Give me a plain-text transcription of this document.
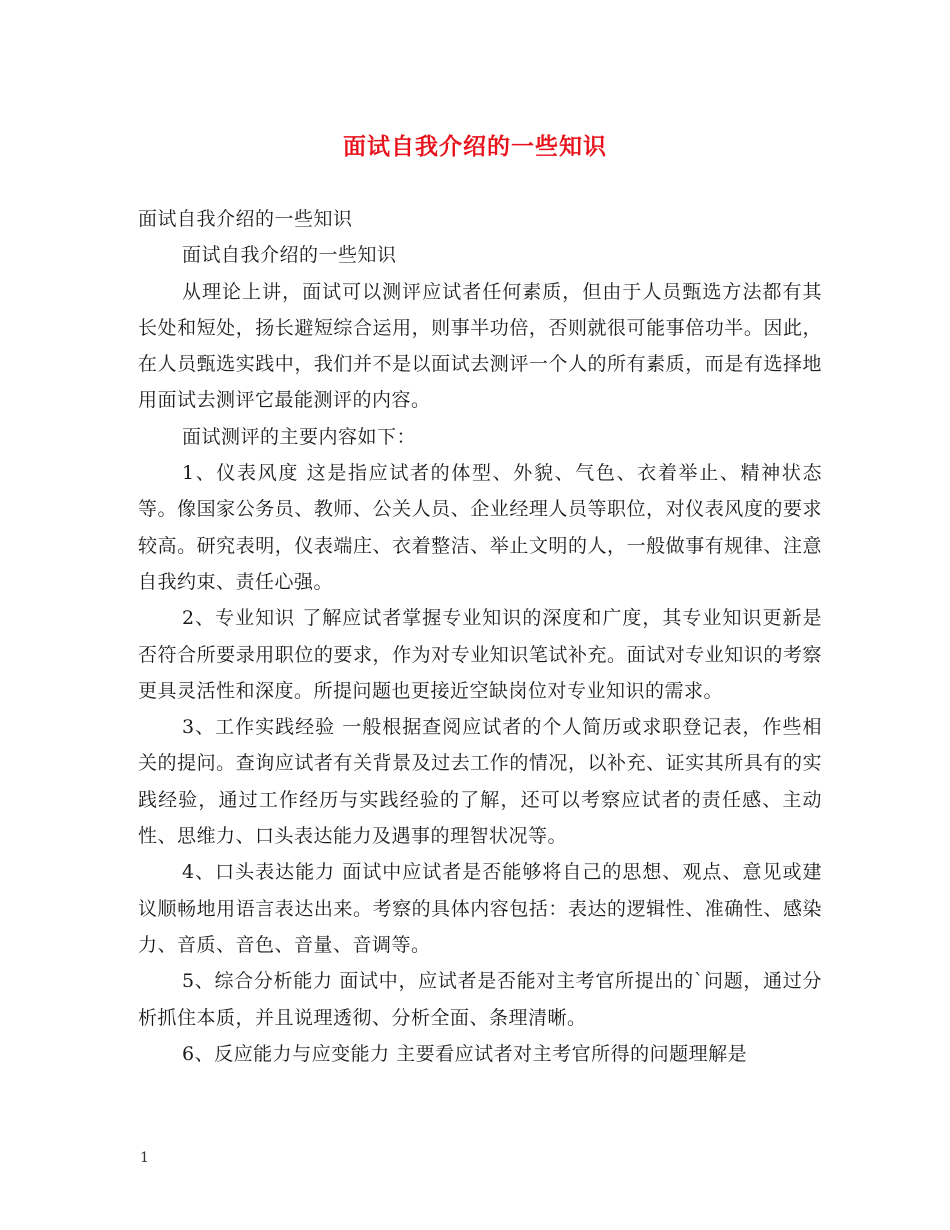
面试自我介绍的一些知识

面试自我介绍的一些知识

面试自我介绍的一些知识

从理论上讲，面试可以测评应试者任何素质，但由于人员甄选方法都有其长处和短处，扬长避短综合运用，则事半功倍，否则就很可能事倍功半。因此，在人员甄选实践中，我们并不是以面试去测评一个人的所有素质，而是有选择地用面试去测评它最能测评的内容。

面试测评的主要内容如下：

1、仪表风度 这是指应试者的体型、外貌、气色、衣着举止、精神状态等。像国家公务员、教师、公关人员、企业经理人员等职位，对仪表风度的要求较高。研究表明，仪表端庄、衣着整洁、举止文明的人，一般做事有规律、注意自我约束、责任心强。

2、专业知识 了解应试者掌握专业知识的深度和广度，其专业知识更新是否符合所要录用职位的要求，作为对专业知识笔试补充。面试对专业知识的考察更具灵活性和深度。所提问题也更接近空缺岗位对专业知识的需求。

3、工作实践经验 一般根据查阅应试者的个人简历或求职登记表，作些相关的提问。查询应试者有关背景及过去工作的情况，以补充、证实其所具有的实践经验，通过工作经历与实践经验的了解，还可以考察应试者的责任感、主动性、思维力、口头表达能力及遇事的理智状况等。

4、口头表达能力 面试中应试者是否能够将自己的思想、观点、意见或建议顺畅地用语言表达出来。考察的具体内容包括：表达的逻辑性、准确性、感染力、音质、音色、音量、音调等。

5、综合分析能力 面试中，应试者是否能对主考官所提出的`问题，通过分析抓住本质，并且说理透彻、分析全面、条理清晰。

6、反应能力与应变能力 主要看应试者对主考官所得的问题理解是

1
